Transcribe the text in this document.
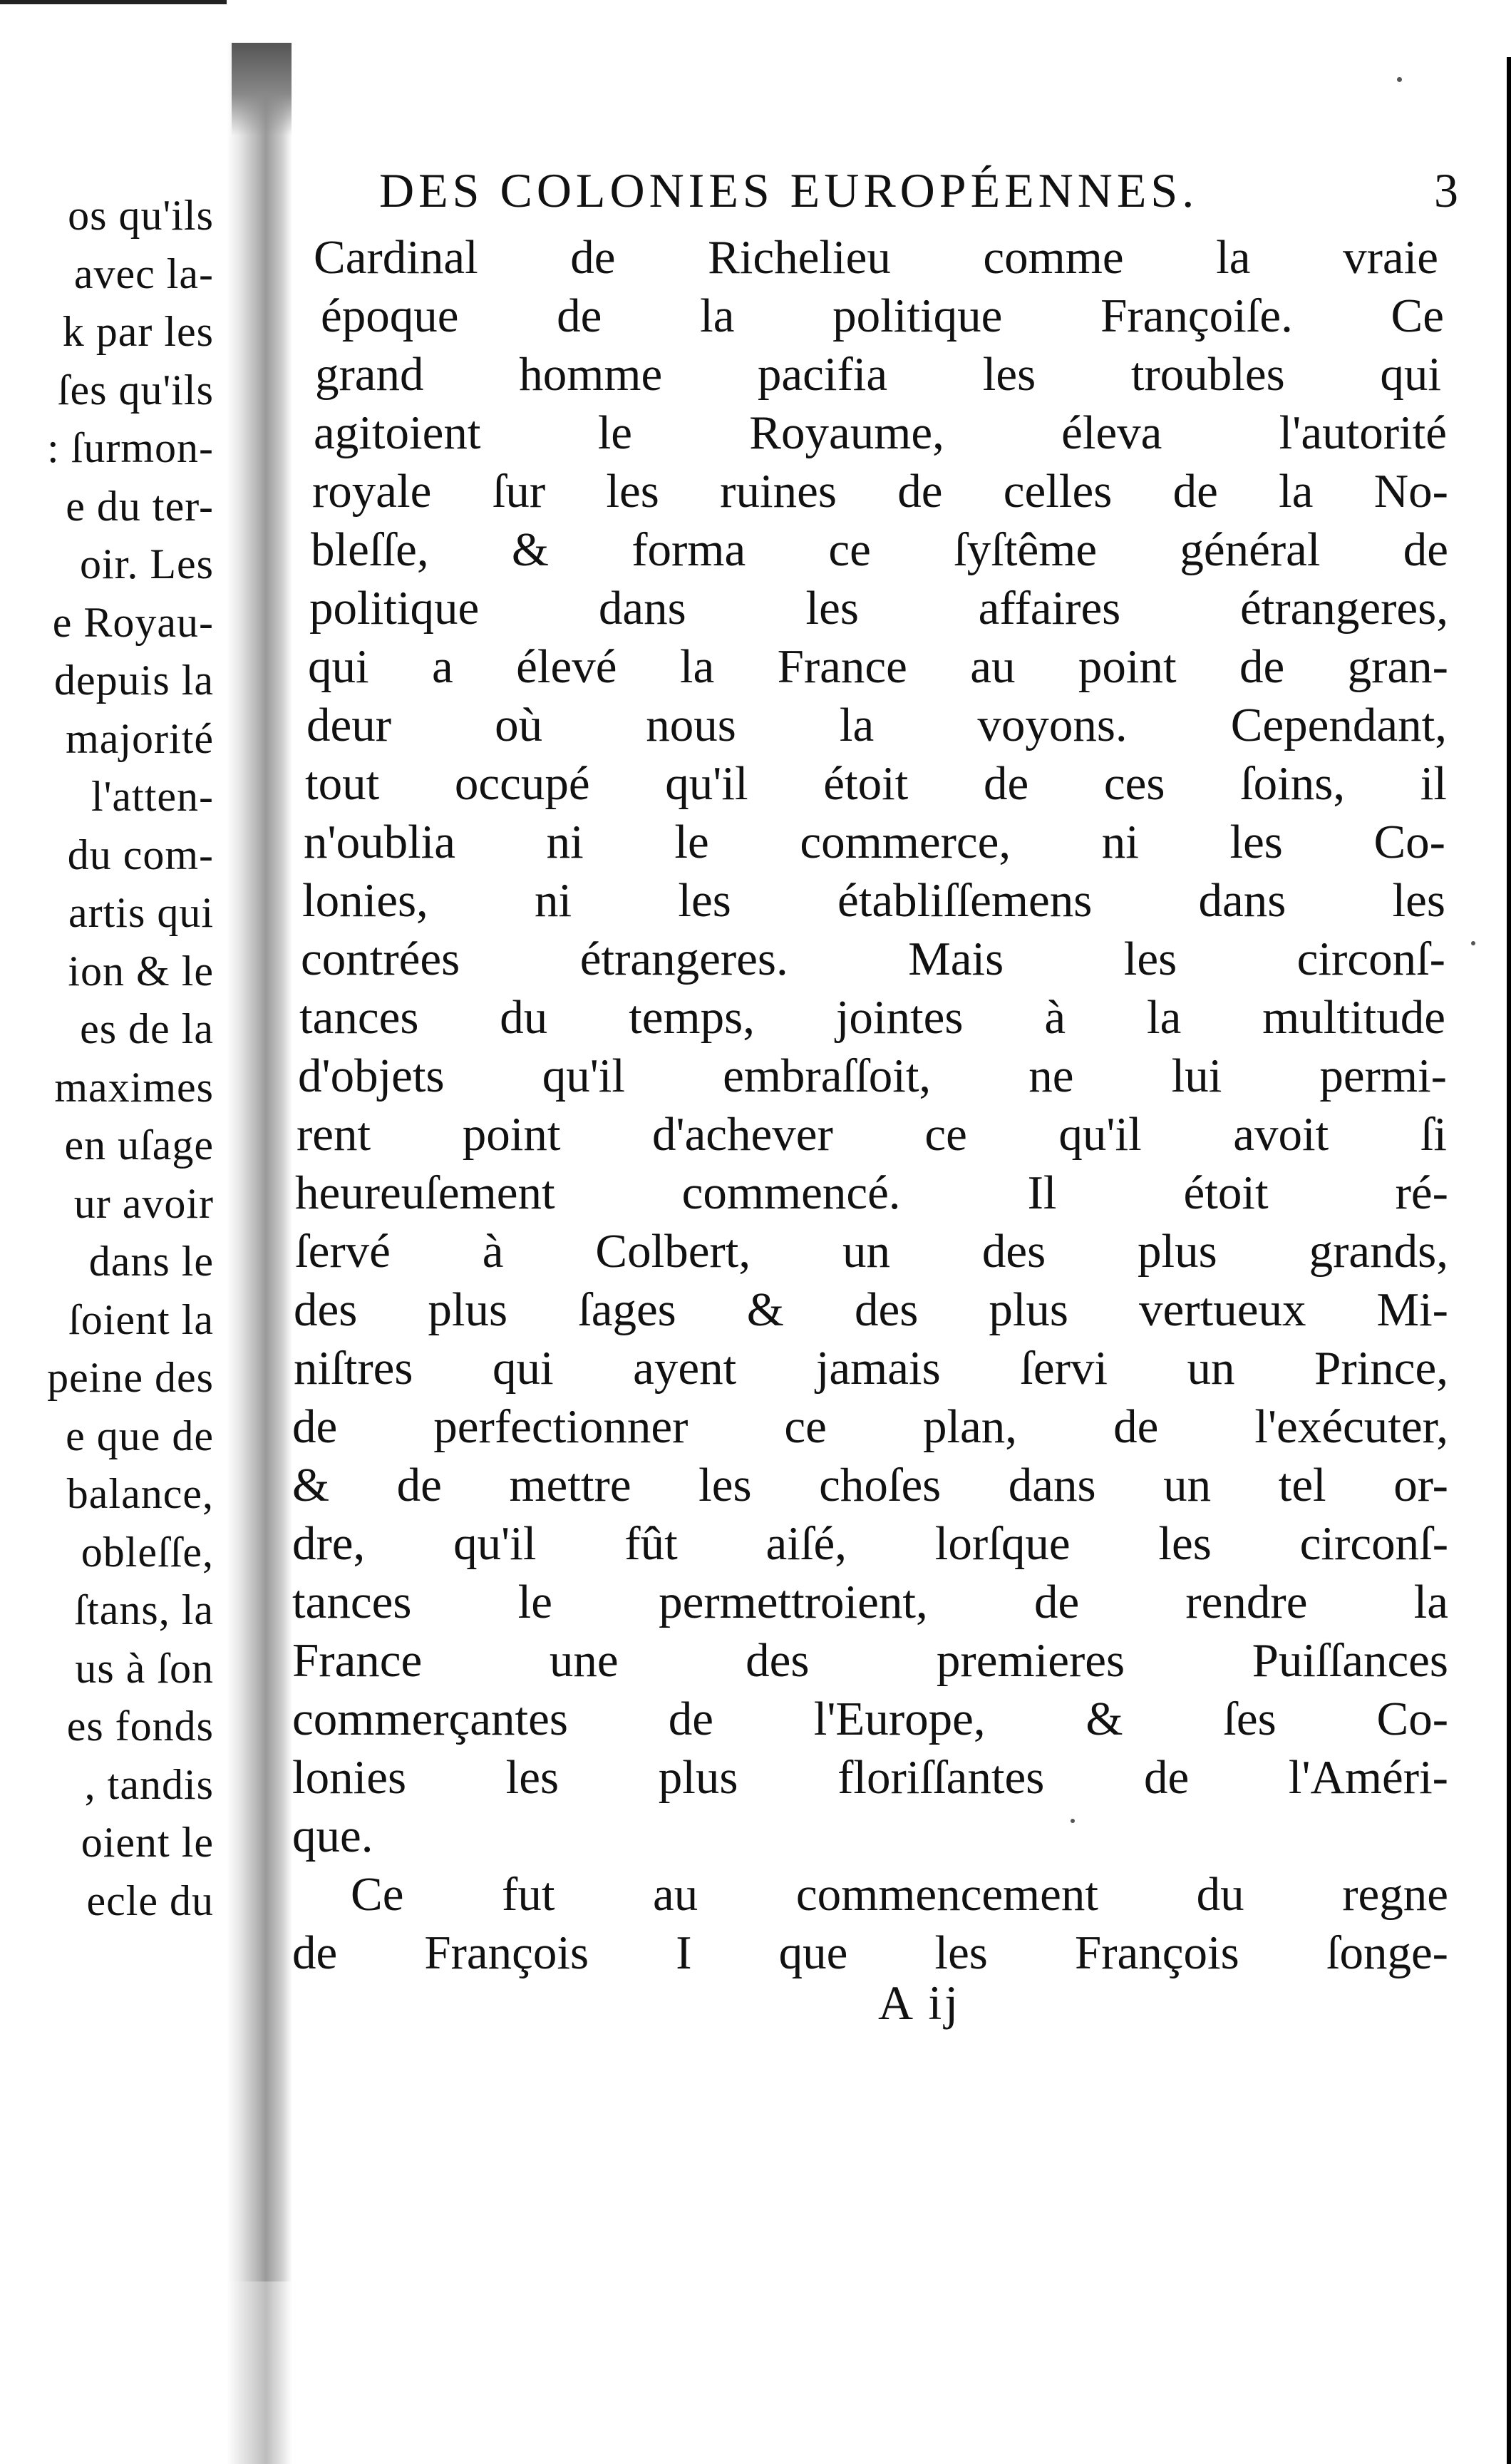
os qu'ils
avec la-
k par les
ſes qu'ils
: ſurmon-
e du ter-
oir. Les
e Royau-
depuis la
majorité
l'atten-
du com-
artis qui
ion & le
es de la
maximes
en uſage
ur avoir
dans le
ſoient la
peine des
e que de
balance,
obleſſe,
ſtans, la
us à ſon
es fonds
, tandis
oient le
ecle du
DES COLONIES EUROPÉENNES.	3
Cardinal de Richelieu comme la vraie
époque de la politique Françoiſe. Ce
grand homme pacifia les troubles qui
agitoient le Royaume, éleva l'autorité
royale ſur les ruines de celles de la No-
bleſſe, & forma ce ſyſtême général de
politique dans les affaires étrangeres,
qui a élevé la France au point de gran-
deur où nous la voyons. Cependant,
tout occupé qu'il étoit de ces ſoins, il
n'oublia ni le commerce, ni les Co-
lonies, ni les établiſſemens dans les
contrées étrangeres. Mais les circonſ-
tances du temps, jointes à la multitude
d'objets qu'il embraſſoit, ne lui permi-
rent point d'achever ce qu'il avoit ſi
heureuſement commencé. Il étoit ré-
ſervé à Colbert, un des plus grands,
des plus ſages & des plus vertueux Mi-
niſtres qui ayent jamais ſervi un Prince,
de perfectionner ce plan, de l'exécuter,
& de mettre les choſes dans un tel or-
dre, qu'il fût aiſé, lorſque les circonſ-
tances le permettroient, de rendre la
France une des premieres Puiſſances
commerçantes de l'Europe, & ſes Co-
lonies les plus floriſſantes de l'Améri-
que.
Ce fut au commencement du regne
de François I que les François ſonge-
A ij
